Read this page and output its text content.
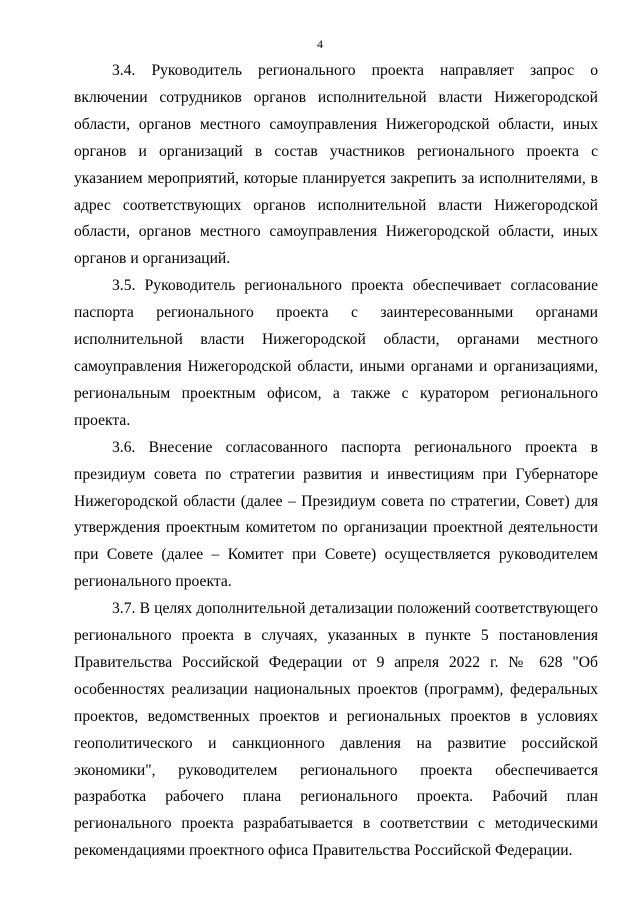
4

3.4. Руководитель регионального проекта направляет запрос о включении сотрудников органов исполнительной власти Нижегородской области, органов местного самоуправления Нижегородской области, иных органов и организаций в состав участников регионального проекта с указанием мероприятий, которые планируется закрепить за исполнителями, в адрес соответствующих органов исполнительной власти Нижегородской области, органов местного самоуправления Нижегородской области, иных органов и организаций.

3.5. Руководитель регионального проекта обеспечивает согласование паспорта регионального проекта с заинтересованными органами исполнительной власти Нижегородской области, органами местного самоуправления Нижегородской области, иными органами и организациями, региональным проектным офисом, а также с куратором регионального проекта.

3.6. Внесение согласованного паспорта регионального проекта в президиум совета по стратегии развития и инвестициям при Губернаторе Нижегородской области (далее – Президиум совета по стратегии, Совет) для утверждения проектным комитетом по организации проектной деятельности при Совете (далее – Комитет при Совете) осуществляется руководителем регионального проекта.

3.7. В целях дополнительной детализации положений соответствующего регионального проекта в случаях, указанных в пункте 5 постановления Правительства Российской Федерации от 9 апреля 2022 г. № 628 "Об особенностях реализации национальных проектов (программ), федеральных проектов, ведомственных проектов и региональных проектов в условиях геополитического и санкционного давления на развитие российской экономики", руководителем регионального проекта обеспечивается разработка рабочего плана регионального проекта. Рабочий план регионального проекта разрабатывается в соответствии с методическими рекомендациями проектного офиса Правительства Российской Федерации.
